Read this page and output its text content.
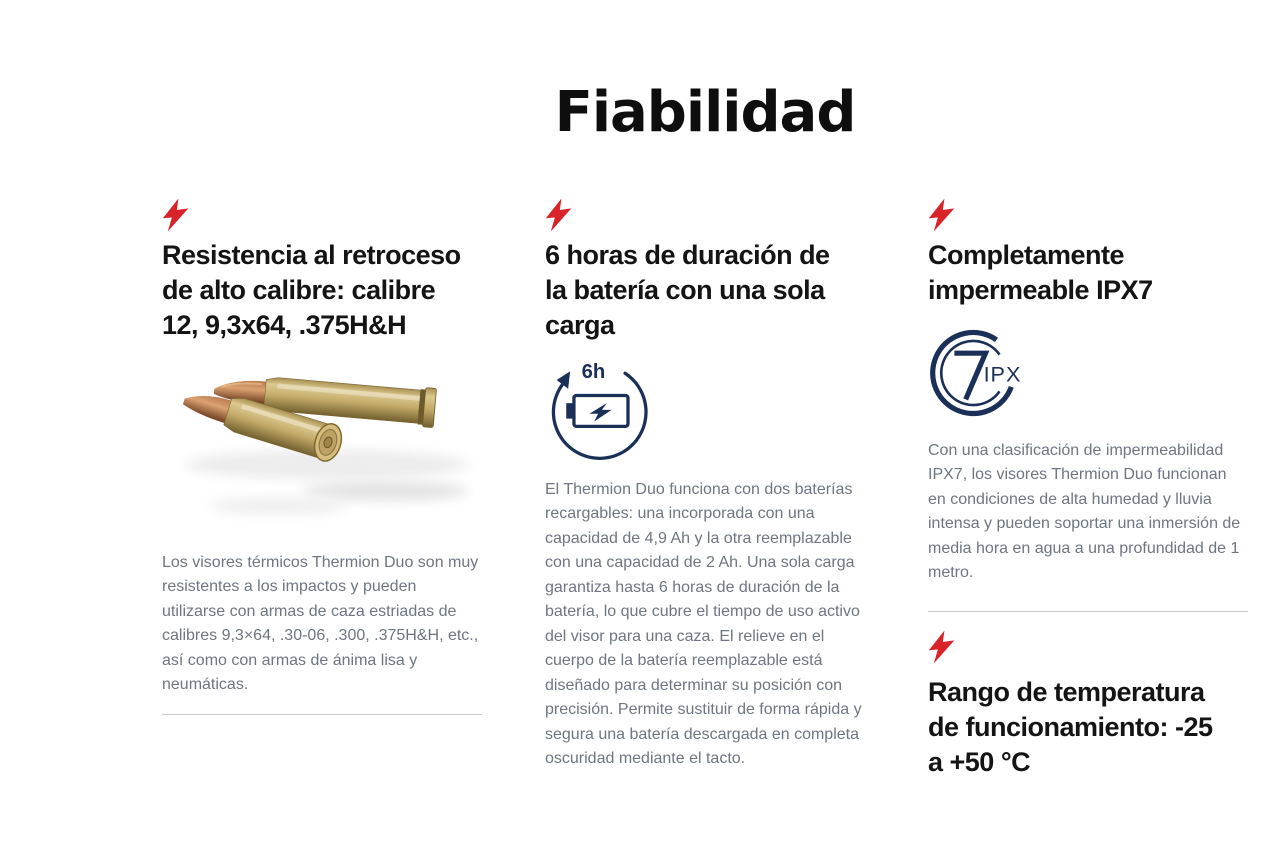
Fiabilidad
Resistencia al retroceso
de alto calibre: calibre
12, 9,3x64, .375H&H

Los visores térmicos Thermion Duo son muy resistentes a los impactos y pueden utilizarse con armas de caza estriadas de calibres 9,3×64, .30-06, .300, .375H&H, etc., así como con armas de ánima lisa y neumáticas.

6 horas de duración de
la batería con una sola
carga
6h

El Thermion Duo funciona con dos baterías recargables: una incorporada con una capacidad de 4,9 Ah y la otra reemplazable con una capacidad de 2 Ah. Una sola carga garantiza hasta 6 horas de duración de la batería, lo que cubre el tiempo de uso activo del visor para una caza. El relieve en el cuerpo de la batería reemplazable está diseñado para determinar su posición con precisión. Permite sustituir de forma rápida y segura una batería descargada en completa oscuridad mediante el tacto.

Completamente
impermeable IPX7
IPX

Con una clasificación de impermeabilidad IPX7, los visores Thermion Duo funcionan en condiciones de alta humedad y lluvia intensa y pueden soportar una inmersión de media hora en agua a una profundidad de 1 metro.

Rango de temperatura
de funcionamiento: -25
a +50 °C
